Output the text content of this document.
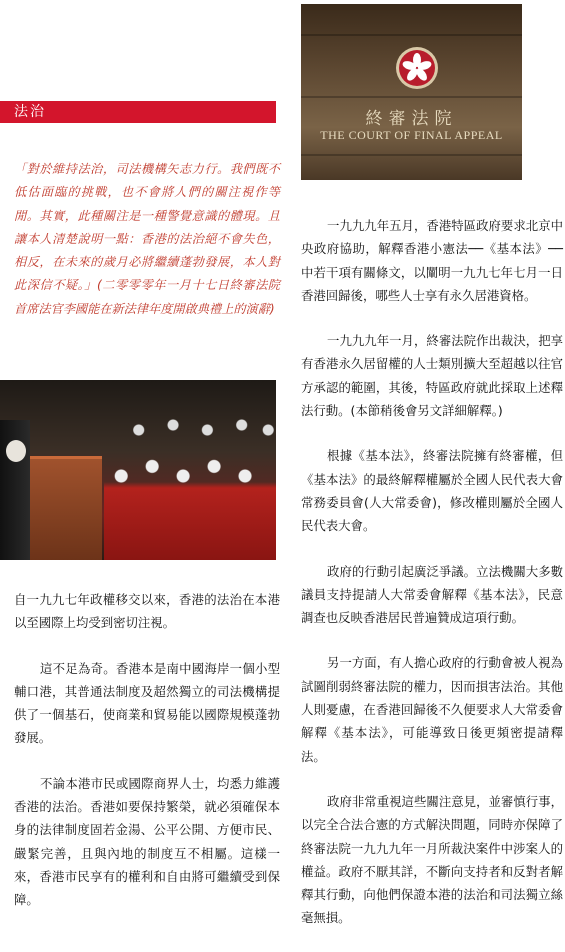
終審法院
THE COURT OF FINAL APPEAL
法治

「對於維持法治，司法機構矢志力行。我們既不低估面臨的挑戰，也不會將人們的關注視作等閒。其實，此種關注是一種警覺意識的體現。且讓本人清楚說明一點：香港的法治絕不會失色，相反，在未來的歲月必將繼續蓬勃發展，本人對此深信不疑。」(二零零零年一月十七日終審法院首席法官李國能在新法律年度開啟典禮上的演辭)

自一九九七年政權移交以來，香港的法治在本港以至國際上均受到密切注視。

這不足為奇。香港本是南中國海岸一個小型輔口港，其普通法制度及超然獨立的司法機構提供了一個基石，使商業和貿易能以國際規模蓬勃發展。

不論本港市民或國際商界人士，均悉力維護香港的法治。香港如要保持繁榮，就必須確保本身的法律制度固若金湯、公平公開、方便市民、嚴緊完善，且與內地的制度互不相屬。這樣一來，香港市民享有的權利和自由將可繼續受到保障。

一九九九年五月，香港特區政府要求北京中央政府協助，解釋香港小憲法──《基本法》──中若干項有關條文，以闡明一九九七年七月一日香港回歸後，哪些人士享有永久居港資格。

一九九九年一月，終審法院作出裁決，把享有香港永久居留權的人士類別擴大至超越以往官方承認的範圍，其後，特區政府就此採取上述釋法行動。(本節稍後會另文詳細解釋。)

根據《基本法》，終審法院擁有終審權，但《基本法》的最終解釋權屬於全國人民代表大會常務委員會(人大常委會)，修改權則屬於全國人民代表大會。

政府的行動引起廣泛爭議。立法機關大多數議員支持提請人大常委會解釋《基本法》，民意調查也反映香港居民普遍贊成這項行動。

另一方面，有人擔心政府的行動會被人視為試圖削弱終審法院的權力，因而損害法治。其他人則憂慮，在香港回歸後不久便要求人大常委會解釋《基本法》，可能導致日後更頻密提請釋法。

政府非常重視這些關注意見，並審慎行事，以完全合法合憲的方式解決問題，同時亦保障了終審法院一九九九年一月所裁決案件中涉案人的權益。政府不厭其詳，不斷向支持者和反對者解釋其行動，向他們保證本港的法治和司法獨立絲毫無損。
